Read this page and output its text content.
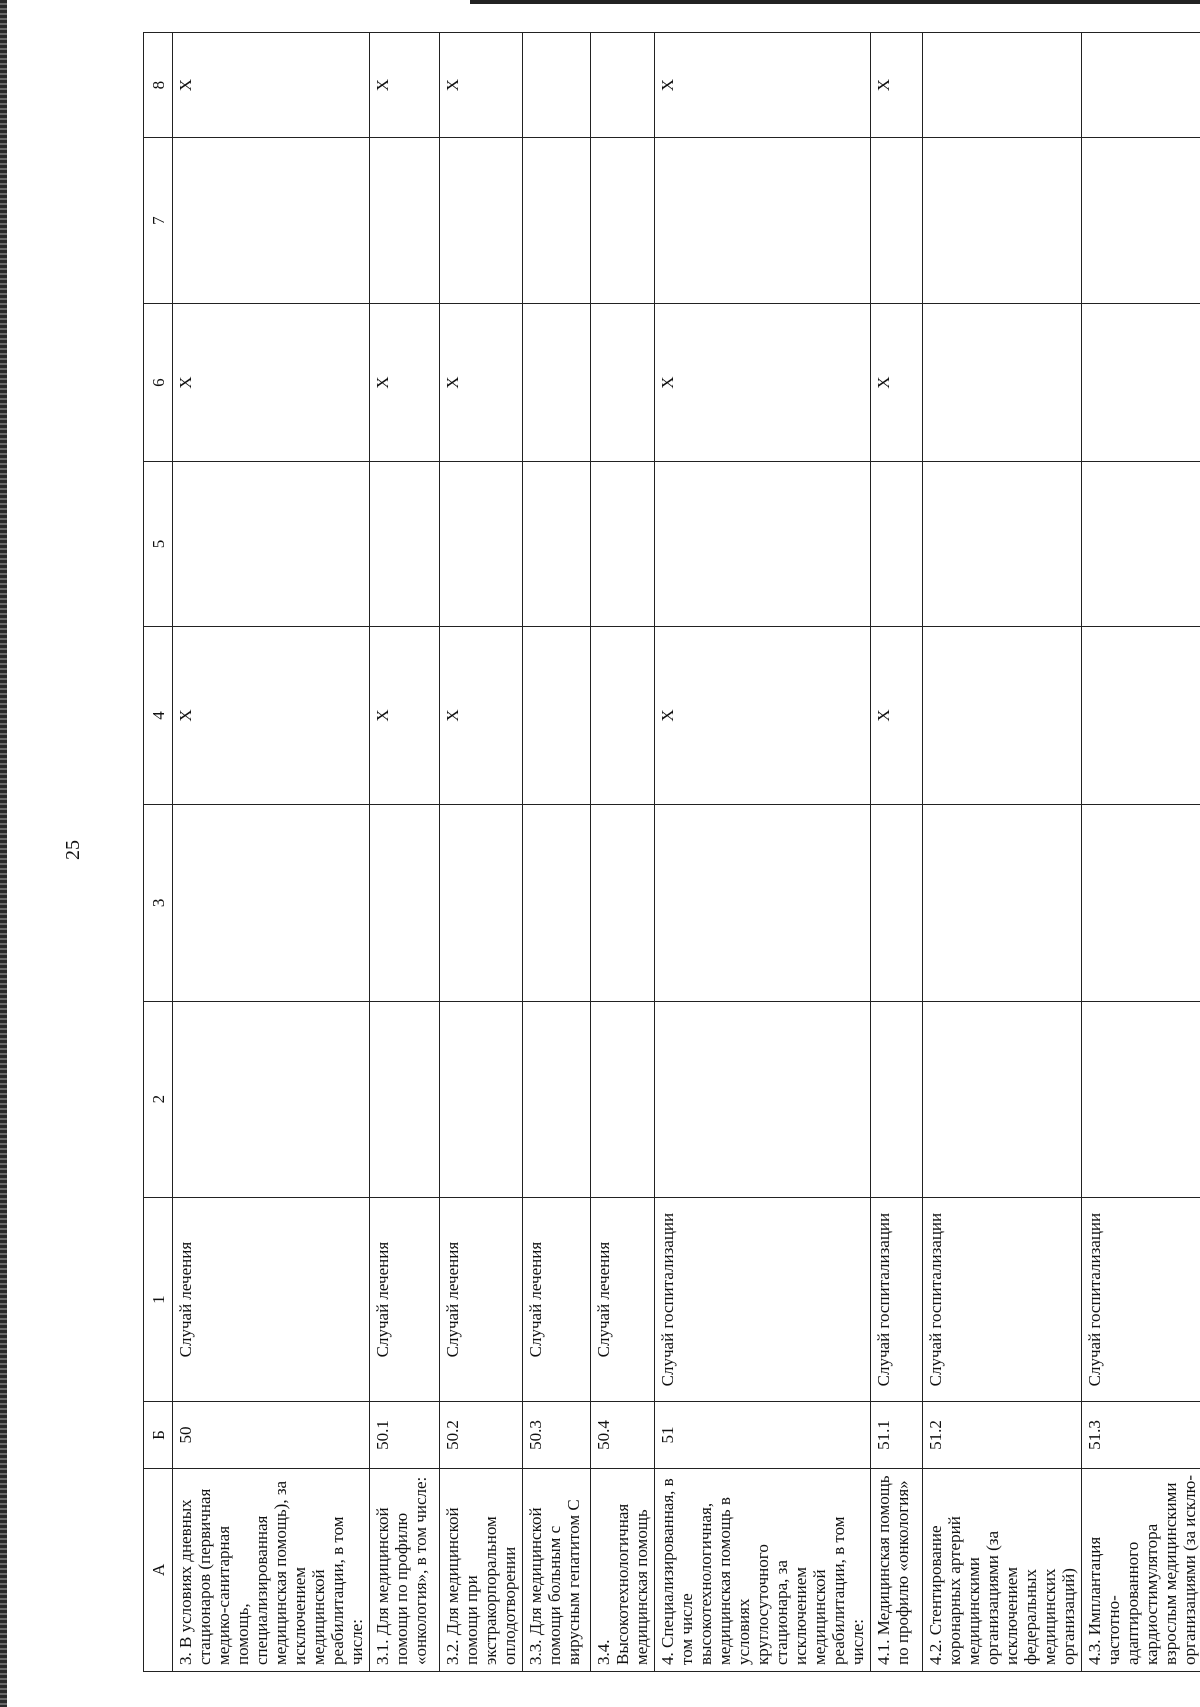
25
А	Б	1	2	3	4	5	6	7	8
3. В условиях дневных стационаров (первичная медико-санитарная помощь, специализированная медицинская помощь), за исключением медицинской реабилитации, в том числе:	50	Случай лечения			X		X		X
3.1. Для медицинской помощи по профилю «онкология», в том числе:	50.1	Случай лечения			X		X		X
3.2. Для медицинской помощи при экстракорпоральном оплодотворении	50.2	Случай лечения			X		X		X
3.3. Для медицинской помощи больным с вирусным гепатитом С	50.3	Случай лечения							
3.4. Высокотехнологичная медицинская помощь	50.4	Случай лечения							
4. Специализированная, в том числе высокотехнологичная, медицинская помощь в условиях круглосуточного стационара, за исключением медицинской реабилитации, в том числе:	51	Случай госпитализации			X		X		X
4.1. Медицинская помощь по профилю «онкология»	51.1	Случай госпитализации			X		X		X
4.2. Стентирование коронарных артерий медицинскими организациями (за исключением федеральных медицинских организаций)	51.2	Случай госпитализации							
4.3. Имплантация частотно-адаптированного кардиостимулятора взрослым медицинскими организациями (за исклю-	51.3	Случай госпитализации							
